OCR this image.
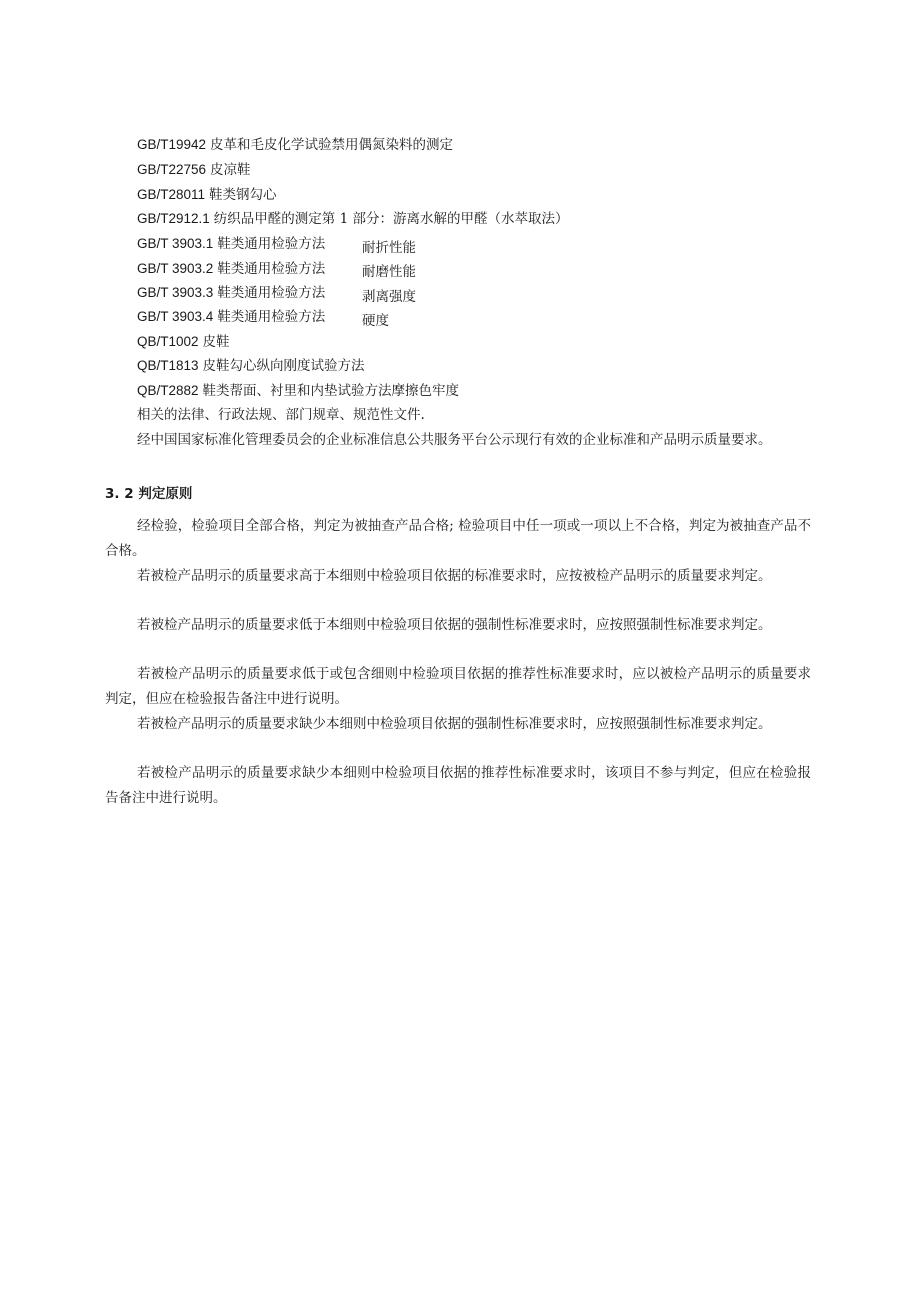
GB/T19942 皮革和毛皮化学试验禁用偶氮染料的测定
GB/T22756 皮凉鞋
GB/T28011 鞋类钢勾心
GB/T2912.1 纺织品甲醛的测定第 1 部分：游离水解的甲醛（水萃取法）
GB/T 3903.1 鞋类通用检验方法	耐折性能
GB/T 3903.2 鞋类通用检验方法	耐磨性能
GB/T 3903.3 鞋类通用检验方法	剥离强度
GB/T 3903.4 鞋类通用检验方法	硬度
QB/T1002 皮鞋
QB/T1813 皮鞋勾心纵向刚度试验方法
QB/T2882 鞋类帮面、衬里和内垫试验方法摩擦色牢度
相关的法律、行政法规、部门规章、规范性文件.

经中国国家标准化管理委员会的企业标准信息公共服务平台公示现行有效的企业标准和产品明示质量要求。

3. 2 判定原则

经检验，检验项目全部合格，判定为被抽查产品合格; 检验项目中任一项或一项以上不合格，判定为被抽查产品不合格。

若被检产品明示的质量要求高于本细则中检验项目依据的标准要求时，应按被检产品明示的质量要求判定。

若被检产品明示的质量要求低于本细则中检验项目依据的强制性标准要求时，应按照强制性标准要求判定。

若被检产品明示的质量要求低于或包含细则中检验项目依据的推荐性标准要求时，应以被检产品明示的质量要求判定，但应在检验报告备注中进行说明。

若被检产品明示的质量要求缺少本细则中检验项目依据的强制性标准要求时，应按照强制性标准要求判定。

若被检产品明示的质量要求缺少本细则中检验项目依据的推荐性标准要求时，该项目不参与判定，但应在检验报告备注中进行说明。
